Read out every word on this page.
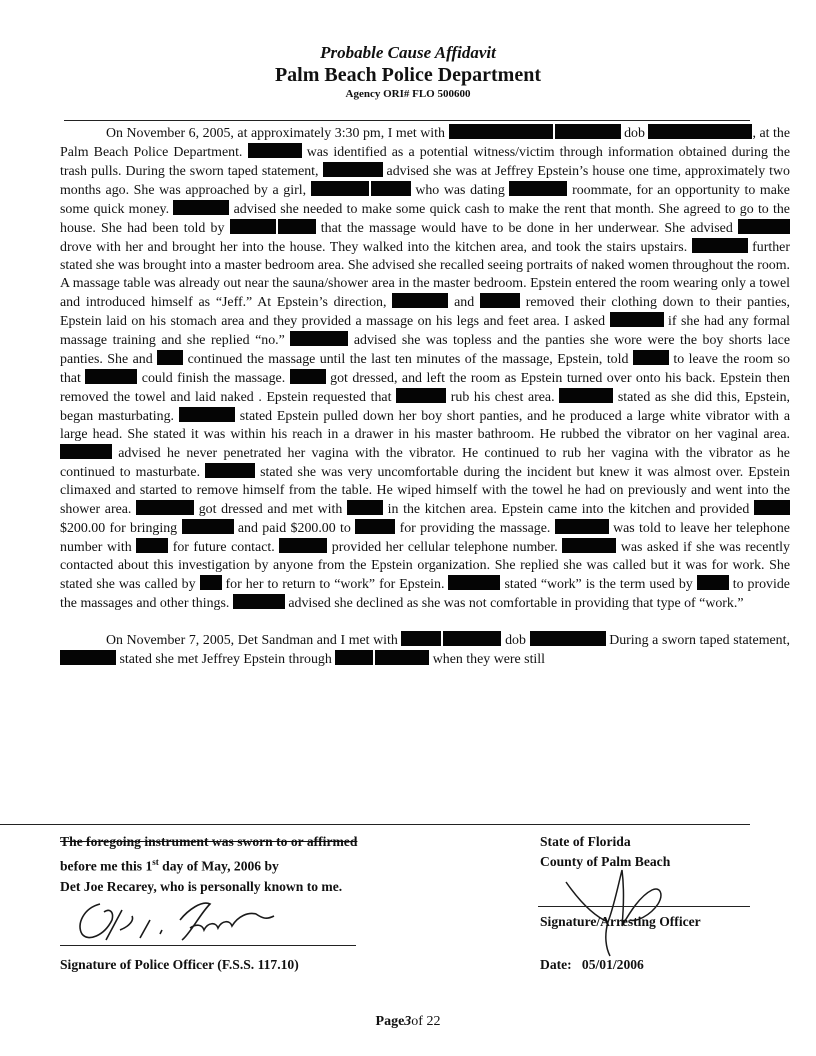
Probable Cause Affidavit
Palm Beach Police Department
Agency ORI# FLO 500600

On November 6, 2005, at approximately 3:30 pm, I met with	dob	, at the Palm Beach Police Department.	was identified as a potential witness/victim through information obtained during the trash pulls. During the sworn taped statement,	advised she was at Jeffrey Epstein’s house one time, approximately two months ago. She was approached by a girl,	who was dating	roommate, for an opportunity to make some quick money.	advised she needed to make some quick cash to make the rent that month. She agreed to go to the house. She had been told by	that the massage would have to be done in her underwear. She advised  drove with her and brought her into the house. They walked into the kitchen area, and took the stairs upstairs.	further stated she was brought into a master bedroom area. She advised she recalled seeing portraits of naked women throughout the room. A massage table was already out near the sauna/shower area in the master bedroom. Epstein entered the room wearing only a towel and introduced himself as “Jeff.” At Epstein’s direction,	and	removed their clothing down to their panties, Epstein laid on his stomach area and they provided a massage on his legs and feet area. I asked	if she had any formal massage training and she replied “no.”	advised she was topless and the panties she wore were the boy shorts lace panties. She and	continued the massage until the last ten minutes of the massage, Epstein, told	to leave the room so that	could finish the massage.	got dressed, and left the room as Epstein turned over onto his back. Epstein then removed the towel and laid naked . Epstein requested that	rub his chest area.	stated as she did this, Epstein, began masturbating.	stated Epstein pulled down her boy short panties, and he produced a large white vibrator with a large head. She stated it was within his reach in a drawer in his master bathroom. He rubbed the vibrator on her vaginal area.  advised he never penetrated her vagina with the vibrator. He continued to rub her vagina with the vibrator as he continued to masturbate.	stated she was very uncomfortable during the incident but knew it was almost over. Epstein climaxed and started to remove himself from the table. He wiped himself with the towel he had on previously and went into the shower area.	got dressed and met with	in the kitchen area. Epstein came into the kitchen and provided  $200.00 for bringing	and paid $200.00 to	for providing the massage.	was told to leave her telephone number with	for future contact.	provided her cellular telephone number.	was asked if she was recently contacted about this investigation by anyone from the Epstein organization. She replied she was called but it was for work. She stated she was called by for her to return to “work” for Epstein.	stated “work” is the term used by	to provide the massages and other things.	advised she declined as she was not comfortable in providing that type of “work.”

On November 7, 2005, Det Sandman and I met with	dob	During a sworn taped statement,  stated she met Jeffrey Epstein through	when they were still

The foregoing instrument was sworn to or affirmed
before me this 1st day of May, 2006 by
Det Joe Recarey, who is personally known to me.
Signature of Police Officer (F.S.S. 117.10)
State of Florida
County of Palm Beach
Signature/Arresting Officer
Date: 05/01/2006
Page3of 22
